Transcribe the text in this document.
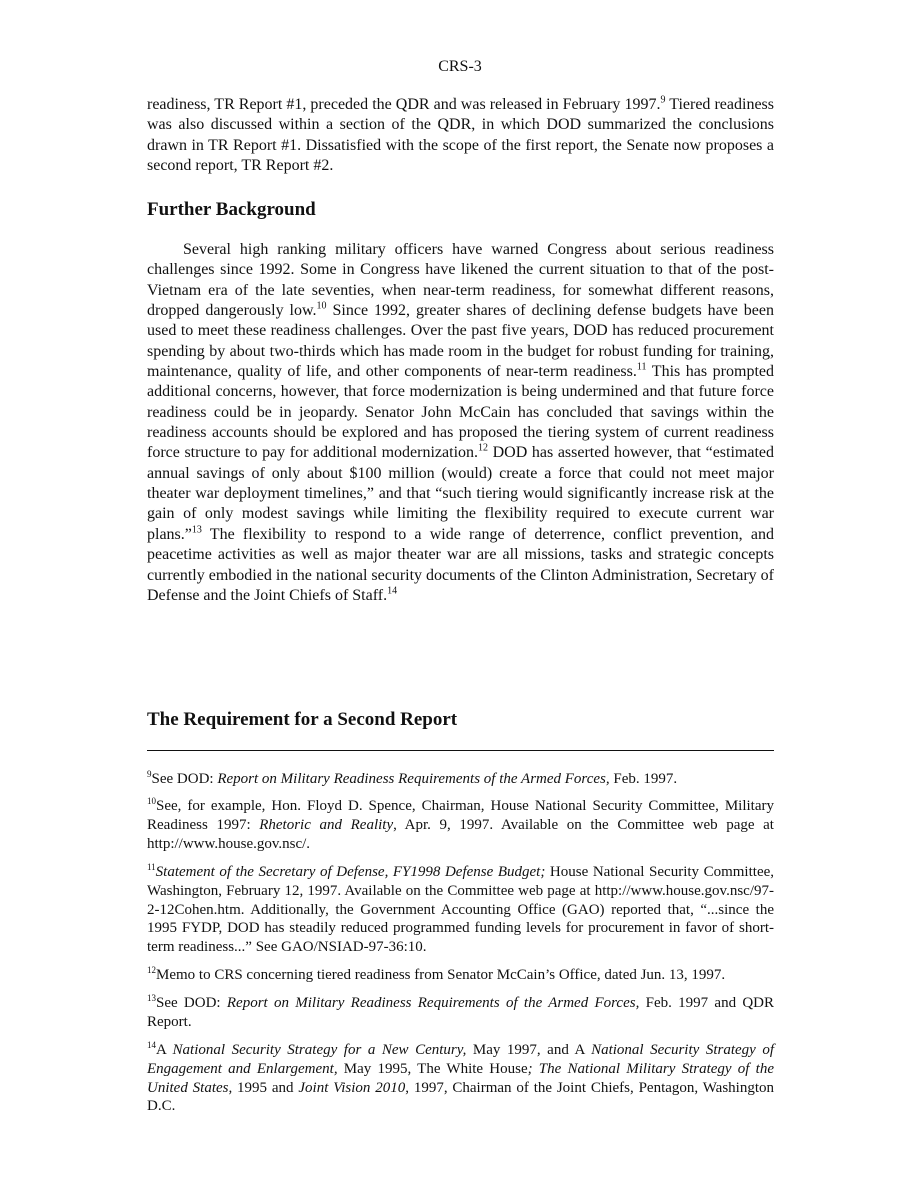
CRS-3

readiness, TR Report #1, preceded the QDR and was released in February 1997.$^9$ Tiered readiness was also discussed within a section of the QDR, in which DOD summarized the conclusions drawn in TR Report #1. Dissatisfied with the scope of the first report, the Senate now proposes a second report, TR Report #2.

Further Background

Several high ranking military officers have warned Congress about serious readiness challenges since 1992. Some in Congress have likened the current situation to that of the post-Vietnam era of the late seventies, when near-term readiness, for somewhat different reasons, dropped dangerously low.$^{10}$ Since 1992, greater shares of declining defense budgets have been used to meet these readiness challenges. Over the past five years, DOD has reduced procurement spending by about two-thirds which has made room in the budget for robust funding for training, maintenance, quality of life, and other components of near-term readiness.$^{11}$ This has prompted additional concerns, however, that force modernization is being undermined and that future force readiness could be in jeopardy. Senator John McCain has concluded that savings within the readiness accounts should be explored and has proposed the tiering system of current readiness force structure to pay for additional modernization.$^{12}$ DOD has asserted however, that “estimated annual savings of only about $100 million (would) create a force that could not meet major theater war deployment timelines,” and that “such tiering would significantly increase risk at the gain of only modest savings while limiting the flexibility required to execute current war plans.”$^{13}$ The flexibility to respond to a wide range of deterrence, conflict prevention, and peacetime activities as well as major theater war are all missions, tasks and strategic concepts currently embodied in the national security documents of the Clinton Administration, Secretary of Defense and the Joint Chiefs of Staff.$^{14}$

The Requirement for a Second Report

$^9$See DOD: Report on Military Readiness Requirements of the Armed Forces, Feb. 1997.

$^{10}$See, for example, Hon. Floyd D. Spence, Chairman, House National Security Committee, Military Readiness 1997: Rhetoric and Reality, Apr. 9, 1997. Available on the Committee web page at http://www.house.gov.nsc/.

$^{11}$Statement of the Secretary of Defense, FY1998 Defense Budget; House National Security Committee, Washington, February 12, 1997. Available on the Committee web page at http://www.house.gov.nsc/97-2-12Cohen.htm. Additionally, the Government Accounting Office (GAO) reported that, “...since the 1995 FYDP, DOD has steadily reduced programmed funding levels for procurement in favor of short-term readiness...” See GAO/NSIAD-97-36:10.

$^{12}$Memo to CRS concerning tiered readiness from Senator McCain’s Office, dated Jun. 13, 1997.

$^{13}$See DOD: Report on Military Readiness Requirements of the Armed Forces, Feb. 1997 and QDR Report.

$^{14}$A National Security Strategy for a New Century, May 1997, and A National Security Strategy of Engagement and Enlargement, May 1995, The White House; The National Military Strategy of the United States, 1995 and Joint Vision 2010, 1997, Chairman of the Joint Chiefs, Pentagon, Washington D.C.
